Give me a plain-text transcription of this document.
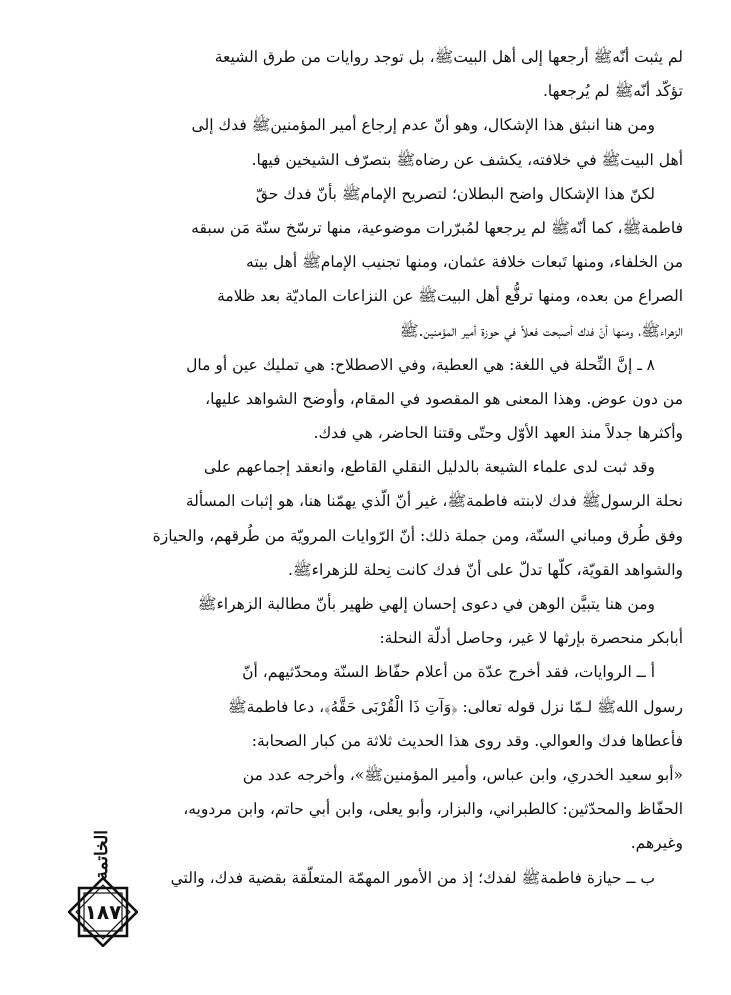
لم يثبت أنّهﷺ أرجعها إلى أهل البيتﷺ، بل توجد روايات من طرق الشيعة
تؤكّد أنّهﷺ لم يُرجعها.
ومن هنا انبثق هذا الإشكال، وهو أنّ عدم إرجاع أمير المؤمنينﷺ فدك إلى
أهل البيتﷺ في خلافته، يكشف عن رضاهﷺ بتصرّف الشيخين فيها.
لكنّ هذا الإشكال واضح البطلان؛ لتصريح الإمامﷺ بأنّ فدك حقّ
فاطمةﷺ، كما أنّهﷺ لم يرجعها لمُبرّرات موضوعية، منها ترسّخ سنّة مَن سبقه
من الخلفاء، ومنها تَبعات خلافة عثمان، ومنها تجنيب الإمامﷺ أهل بيته
الصراع من بعده، ومنها ترفُّع أهل البيتﷺ عن النزاعات الماديّة بعد ظلامة
الزهراءﷺ، ومنها أنّ فدك أصبحت فعلاً في حوزة أمير المؤمنين.ﷺ
٨ ـ إنَّ النِّحلة في اللغة: هي العطية، وفي الاصطلاح: هي تمليك عين أو مال
من دون عوض. وهذا المعنى هو المقصود في المقام، وأوضح الشواهد عليها،
وأكثرها جدلاً منذ العهد الأوّل وحتّى وقتنا الحاضر، هي فدك.
وقد ثبت لدى علماء الشيعة بالدليل النقلي القاطع، وانعقد إجماعهم على
نحلة الرسولﷺ فدك لابنته فاطمةﷺ، غير أنّ الّذي يهمّنا هنا، هو إثبات المسألة
وفق طُرق ومباني السنّة، ومن جملة ذلك: أنّ الرّوايات المرويّة من طُرقهم، والحيازة
والشواهد القويّة، كلّها تدلّ على أنّ فدك كانت نِحلة للزهراءﷺ.
ومن هنا يتبيَّن الوهن في دعوى إحسان إلهي ظهير بأنّ مطالبة الزهراءﷺ
أبابكر منحصرة بإرثها لا غير، وحاصل أدلّة النحلة:
أ ــ الروايات، فقد أخرج عدّة من أعلام حفّاظ السنّة ومحدّثيهم، أنّ
رسول اللهﷺ لـمّا نزل قوله تعالى: ﴿وَآتِ ذَا الْقُرْبَى حَقَّهُ﴾، دعا فاطمةﷺ
فأعطاها فدك والعوالي. وقد روى هذا الحديث ثلاثة من كبار الصحابة:
«أبو سعيد الخدري، وابن عباس، وأمير المؤمنينﷺ»، وأخرجه عدد من
الحفّاظ والمحدّثين: كالطبراني، والبزار، وأبو يعلى، وابن أبي حاتم، وابن مردويه،
وغيرهم.
ب ــ حيازة فاطمةﷺ لفدك؛ إذ من الأمور المهمّة المتعلّقة بقضية فدك، والتي
الخاتمة
١٨٧
